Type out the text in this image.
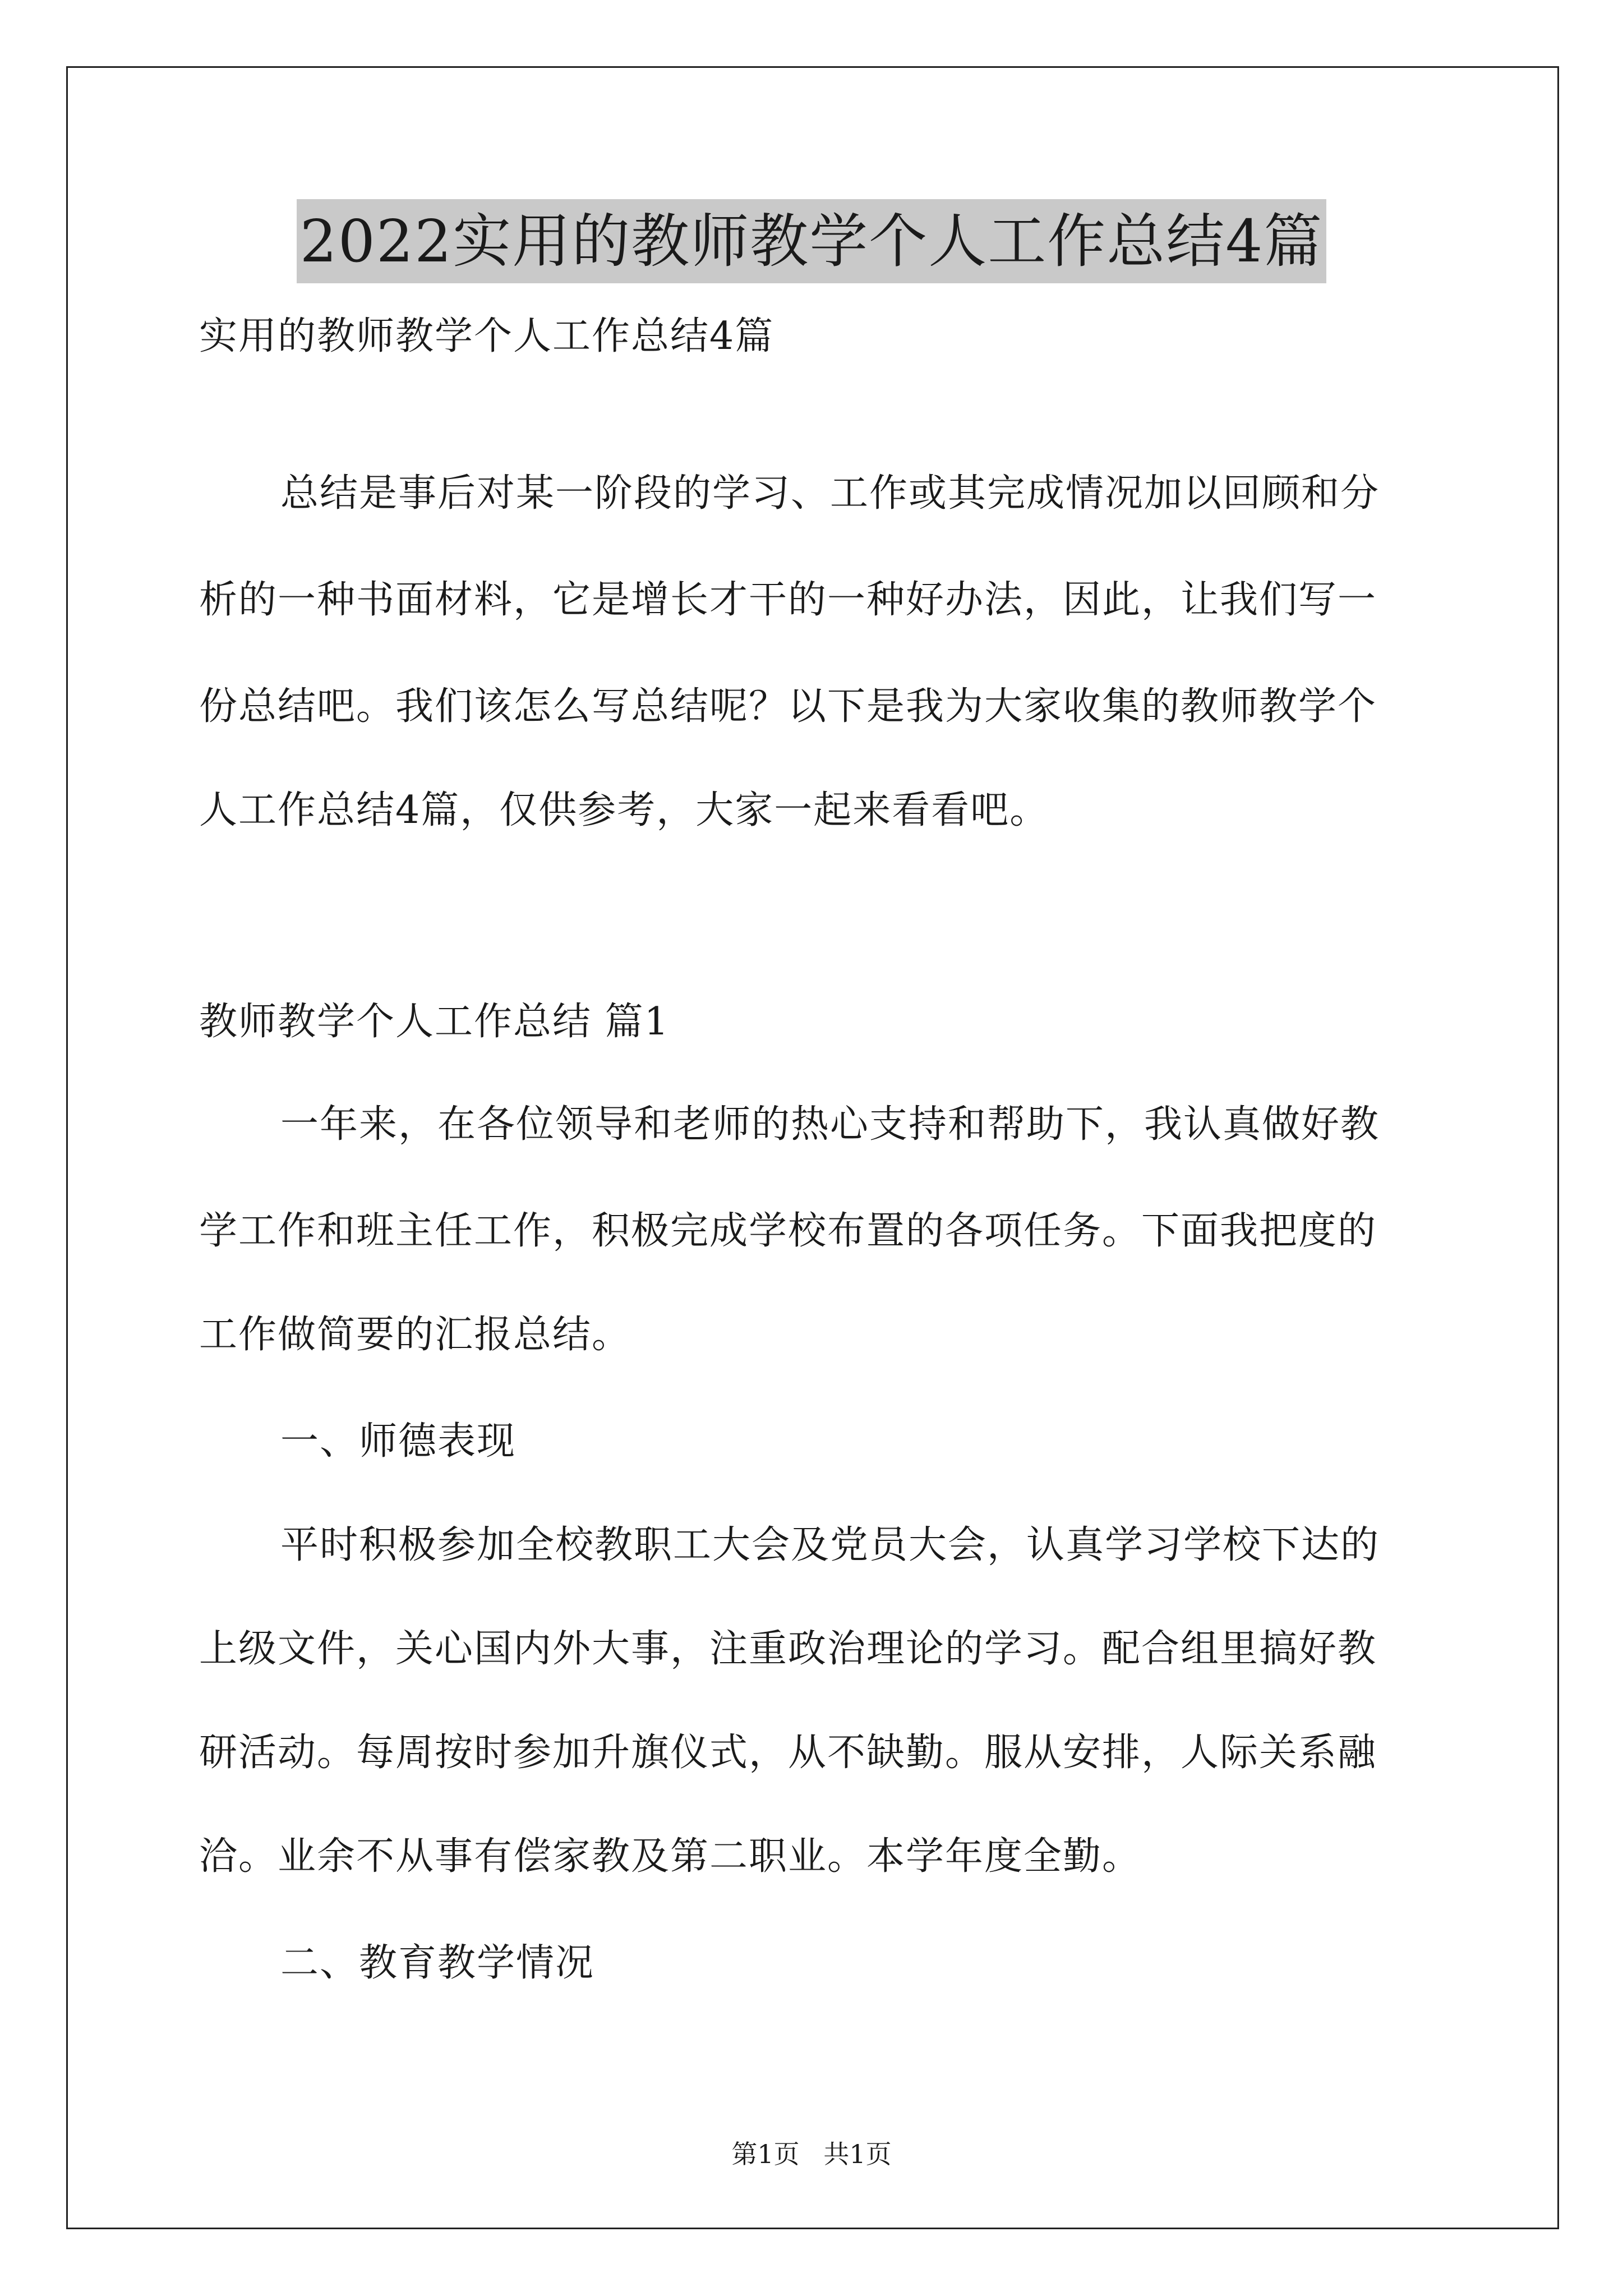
2022实用的教师教学个人工作总结4篇
实用的教师教学个人工作总结4篇
总结是事后对某一阶段的学习、工作或其完成情况加以回顾和分
析的一种书面材料，它是增长才干的一种好办法，因此，让我们写一
份总结吧。我们该怎么写总结呢？以下是我为大家收集的教师教学个
人工作总结4篇，仅供参考，大家一起来看看吧。
教师教学个人工作总结 篇1
一年来，在各位领导和老师的热心支持和帮助下，我认真做好教
学工作和班主任工作，积极完成学校布置的各项任务。下面我把度的
工作做简要的汇报总结。
一、师德表现
平时积极参加全校教职工大会及党员大会，认真学习学校下达的
上级文件，关心国内外大事，注重政治理论的学习。配合组里搞好教
研活动。每周按时参加升旗仪式，从不缺勤。服从安排，人际关系融
洽。业余不从事有偿家教及第二职业。本学年度全勤。
二、教育教学情况
第1页 共1页
